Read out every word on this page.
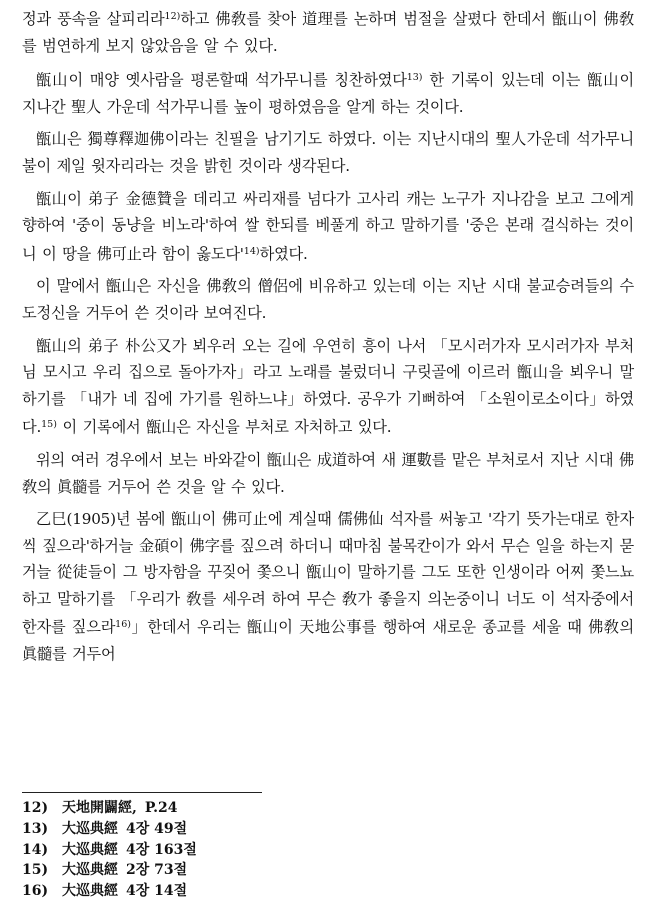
정과 풍속을 살피리라$^{12)}$하고 佛敎를 찾아 道理를 논하며 범절을 살폈다 한데서 甑山이 佛敎를 범연하게 보지 않았음을 알 수 있다.

甑山이 매양 옛사람을 평론할때 석가무니를 칭찬하였다$^{13)}$ 한 기록이 있는데 이는 甑山이 지나간 聖人 가운데 석가무니를 높이 평하였음을 알게 하는 것이다.

甑山은 獨尊釋迦佛이라는 친필을 남기기도 하였다. 이는 지난시대의 聖人가운데 석가무니불이 제일 윗자리라는 것을 밝힌 것이라 생각된다.

甑山이 弟子 金德贊을 데리고 싸리재를 넘다가 고사리 캐는 노구가 지나감을 보고 그에게 향하여 '중이 동냥을 비노라'하여 쌀 한되를 베풀게 하고 말하기를 '중은 본래 걸식하는 것이니 이 땅을 佛可止라 함이 옳도다'$^{14)}$하였다.

이 말에서 甑山은 자신을 佛敎의 僧侶에 비유하고 있는데 이는 지난 시대 불교승려들의 수도정신을 거두어 쓴 것이라 보여진다.

甑山의 弟子 朴公又가 뵈우러 오는 길에 우연히 흥이 나서 「모시러가자 모시러가자 부처님 모시고 우리 집으로 돌아가자」라고 노래를 불렀더니 구릿골에 이르러 甑山을 뵈우니 말하기를 「내가 네 집에 가기를 원하느냐」하였다. 공우가 기뻐하여 「소원이로소이다」하였다.$^{15)}$ 이 기록에서 甑山은 자신을 부처로 자처하고 있다.

위의 여러 경우에서 보는 바와같이 甑山은 成道하여 새 運數를 맡은 부처로서 지난 시대 佛敎의 眞髓를 거두어 쓴 것을 알 수 있다.

乙巳(1905)년 봄에 甑山이 佛可止에 계실때 儒佛仙 석자를 써놓고 '각기 뜻가는대로 한자씩 짚으라'하거늘 金碩이 佛字를 짚으려 하더니 때마침 불목칸이가 와서 무슨 일을 하는지 묻거늘 從徒들이 그 방자함을 꾸짖어 쫓으니 甑山이 말하기를 그도 또한 인생이라 어찌 쫓느뇨 하고 말하기를 「우리가 敎를 세우려 하여 무슨 敎가 좋을지 의논중이니 너도 이 석자중에서 한자를 짚으라$^{16)}$」한데서 우리는 甑山이 天地公事를 행하여 새로운 종교를 세울 때 佛敎의 眞髓를 거두어

12) 天地開闢經, P.24
13) 大巡典經 4장 49절
14) 大巡典經 4장 163절
15) 大巡典經 2장 73절
16) 大巡典經 4장 14절
